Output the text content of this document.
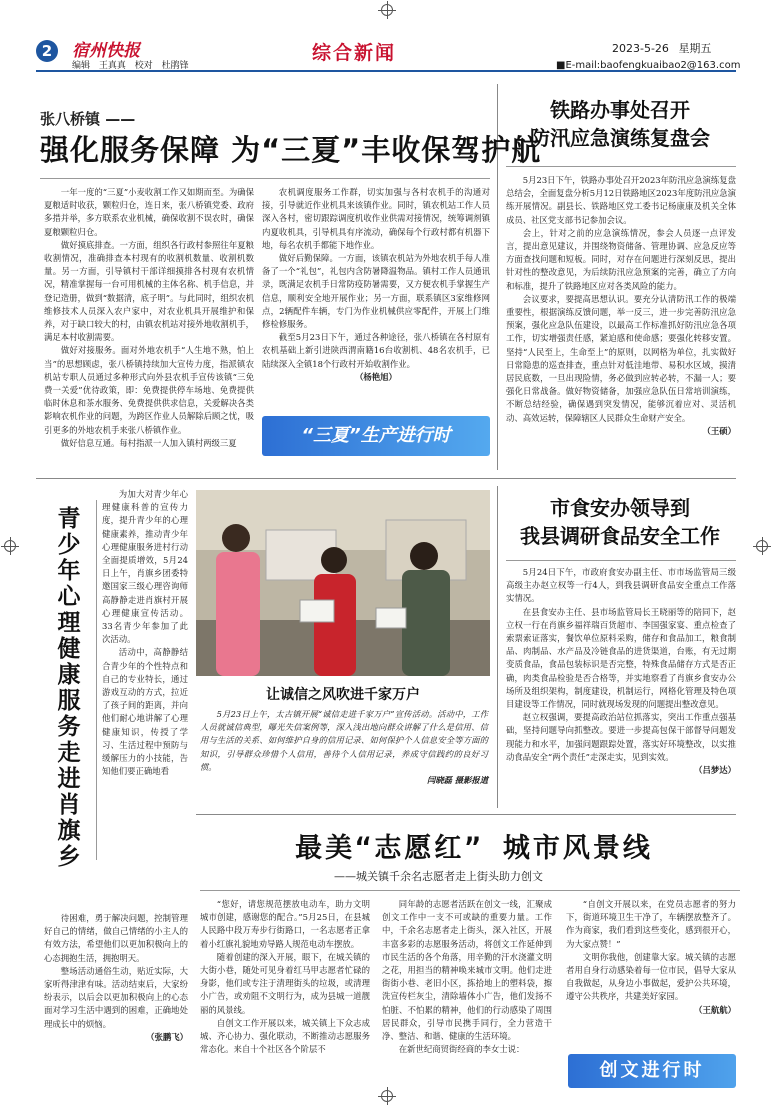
2	宿州快报
编辑 王真真 校对 杜鹃锋
综合新闻	2023-5-26 星期五
■E-mail:baofengkuaibao2@163.com
张八桥镇 ——
强化服务保障 为“三夏”丰收保驾护航

一年一度的“三夏”小麦收割工作又如期而至。为确保夏粮适时收获，颗粒归仓，连日来，张八桥镇党委、政府多措并举，多方联系农业机械，确保收割不误农时，确保夏粮颗粒归仓。

做好摸底排查。一方面，组织各行政村参照往年夏粮收割情况，准确排查本村现有的收割机数量、收割机数量。另一方面，引导镇村干部详细摸排各村现有农机情况，精准掌握每一台可用机械的主体名称、机手信息，并登记造册，做到“数据清，底子明”。与此同时，组织农机维修技术人员深入农户家中，对农业机具开展维护和保养，对于缺口较大的村，由镇农机站对接外地收割机手，满足本村收割需要。

做好对接服务。面对外地农机手“人生地不熟，怕上当”的思想顾虑，张八桥镇持续加大宣传力度，指派镇农机站专职人员通过多种形式向外县农机手宣传该镇“三免费一关爱”优待政策，即：免费提供停车场地、免费提供临时休息和茶水服务、免费提供供求信息，关爱解决各类影响农机作业的问题，为跨区作业人员解除后顾之忧，吸引更多的外地农机手来张八桥镇作业。

做好信息互通。每村指派一人加入镇村两级三夏

农机调度服务工作群，切实加强与各村农机手的沟通对接，引导就近作业机具来该镇作业。同时，镇农机站工作人员深入各村，密切跟踪调度机收作业供需对接情况，统筹调剂镇内夏收机具，引导机具有序流动，确保每个行政村都有机器下地，每名农机手都能下地作业。

做好后勤保障。一方面，该镇农机站为外地农机手每人准备了一个“礼包”，礼包内含防暑降温物品。镇村工作人员通讯录，既满足农机手日常防疫防暑需要，又方便农机手掌握生产信息，顺利安全地开展作业；另一方面，联系镇区3家维修网点，2辆配件车辆，专门为作业机械供应零配件，开展上门维修检修服务。

截至5月23日下午，通过各种途径，张八桥镇在各村原有农机基础上新引进陕西渭南籍16台收割机、48名农机手，已陆续深入全镇18个行政村开始收割作业。

（杨艳旭）
“三夏”生产进行时
铁路办事处召开
防汛应急演练复盘会

5月23日下午，铁路办事处召开2023年防汛应急演练复盘总结会，全面复盘分析5月12日铁路地区2023年度防汛应急演练开展情况。副县长、铁路地区党工委书记杨康康及机关全体成员、社区党支部书记参加会议。

会上，针对之前的应急演练情况，参会人员逐一点评发言，提出意见建议，并围绕物资储备、管理协调、应急反应等方面查找问题和短板。同时，对存在问题进行深刻反思，提出针对性的整改意见，为后续防汛应急预案的完善，确立了方向和标准，提升了铁路地区应对各类风险的能力。

会议要求，要提高思想认识。要充分认清防汛工作的极端重要性，根据演练反馈问题，举一反三，进一步完善防汛应急预案，强化应急队伍建设，以最高工作标准抓好防汛应急各项工作，切实增强责任感，紧迫感和使命感；要强化转移安置。坚持“人民至上，生命至上”的原则，以网格为单位，扎实做好日常隐患的巡查排查，重点针对低洼地带、易积水区域，摸清居民底数，一旦出现险情，务必做到应转必转，不漏一人；要强化日常战备。做好物资储备，加强应急队伍日常培训演练，不断总结经验，确保遇到突发情况，能够沉着应对、灵活机动、高效运转，保障辖区人民群众生命财产安全。

（王硕）
青
少
年
心
理
健
康
服
务
走
进
肖
旗
乡

为加大对青少年心理健康科普的宣传力度，提升青少年的心理健康素养，推动青少年心理健康服务进村行动全面提质增效，5月24日上午，肖旗乡团委特邀国家三级心理咨询师高静静走进肖旗村开展心理健康宣传活动。33名青少年参加了此次活动。

活动中，高静静结合青少年的个性特点和自己的专业特长，通过游戏互动的方式，拉近了孩子间的距离，并向他们耐心地讲解了心理健康知识，传授了学习、生活过程中预防与缓解压力的小技能，告知他们要正确地看

待困难，勇于解决问题，控制管理好自己的情绪，做自己情绪的小主人的有效方法，希望他们以更加积极向上的心态拥抱生活，拥抱明天。

整场活动通俗生动，贴近实际，大家听得津津有味。活动结束后，大家纷纷表示，以后会以更加积极向上的心态面对学习生活中遇到的困难，正确地处理成长中的烦恼。

（张鹏飞）
让诚信之风吹进千家万户

5月23日上午，太古镇开展“诚信走进千家万户”宣传活动。活动中，工作人员就诚信典型，曝光失信案例等，深入浅出地向群众讲解了什么是信用、信用与生活的关系、如何维护自身的信用记录、如何保护个人信息安全等方面的知识，引导群众珍惜个人信用，善待个人信用记录，养成守信践约的良好习惯。

闫晓磊 摄影报道
市食安办领导到
我县调研食品安全工作

5月24日下午，市政府食安办副主任、市市场监管局三级高级主办赵立权等一行4人，到我县调研食品安全重点工作落实情况。

在县食安办主任、县市场监管局长王晓丽等的陪同下，赵立权一行在肖旗乡福祥瑞百货超市、李国强家宴、重点检查了索票索证落实，餐饮单位原料采购，储存和食品加工，粮食制品、肉制品、水产品及冷链食品的进货渠道，台账，有无过期变质食品，食品包装标识是否完整，特殊食品储存方式是否正确，肉类食品检验是否合格等，并实地察看了肖旗乡食安办公场所及组织架构，制度建设，机制运行，网格化管理及特色项目建设等工作情况，同时就现场发现的问题提出整改意见。

赵立权强调，要提高政治站位抓落实，突出工作重点强基础，坚持问题导向抓整改。要进一步提高包保干部督导问题发现能力和水平，加强问题跟踪处置，落实好环境整改，以实推动食品安全“两个责任”走深走实，见到实效。

（吕梦达）
最美“志愿红” 城市风景线
——城关镇千余名志愿者走上街头助力创文

“您好，请您规范摆放电动车，助力文明城市创建，感谢您的配合。”5月25日，在县城人民路中段万寿步行街路口，一名志愿者正拿着小红旗礼貌地劝导路人规范电动车摆放。

随着创建的深入开展，眼下，在城关镇的大街小巷，随处可见身着红马甲志愿者忙碌的身影，他们或专注于清理街头的垃圾，或清理小广告，或劝阻不文明行为，成为县城一道靓丽的风景线。

自创文工作开展以来，城关镇上下众志成城、齐心协力、强化联动，不断推动志愿服务常态化。来自十个社区各个阶层不

同年龄的志愿者活跃在创文一线，汇聚成创文工作中一支不可或缺的重要力量。工作中，千余名志愿者走上街头，深入社区，开展丰富多彩的志愿服务活动，将创文工作延伸到市民生活的各个角落，用辛勤的汗水浇灌文明之花，用担当的精神唤来城市文明。他们走进街街小巷、老旧小区，拣拾地上的塑料袋，擦洗宣传栏灰尘，清除墙体小广告，他们发扬不怕脏、不怕累的精神，他们的行动感染了周围居民群众，引导市民携手同行，全力营造干净、整洁、和谐、健康的生活环境。

在新世纪商贸街经商的李女士说：

“自创文开展以来，在党员志愿者的努力下，街道环境卫生干净了，车辆摆放整齐了。作为商家，我们看到这些变化，感到很开心，为大家点赞！”

文明你我他，创建靠大家。城关镇的志愿者用自身行动感染着每一位市民，倡导大家从自我做起，从身边小事做起，爱护公共环境，遵守公共秩序，共建美好家园。

（王航航）
创文进行时
